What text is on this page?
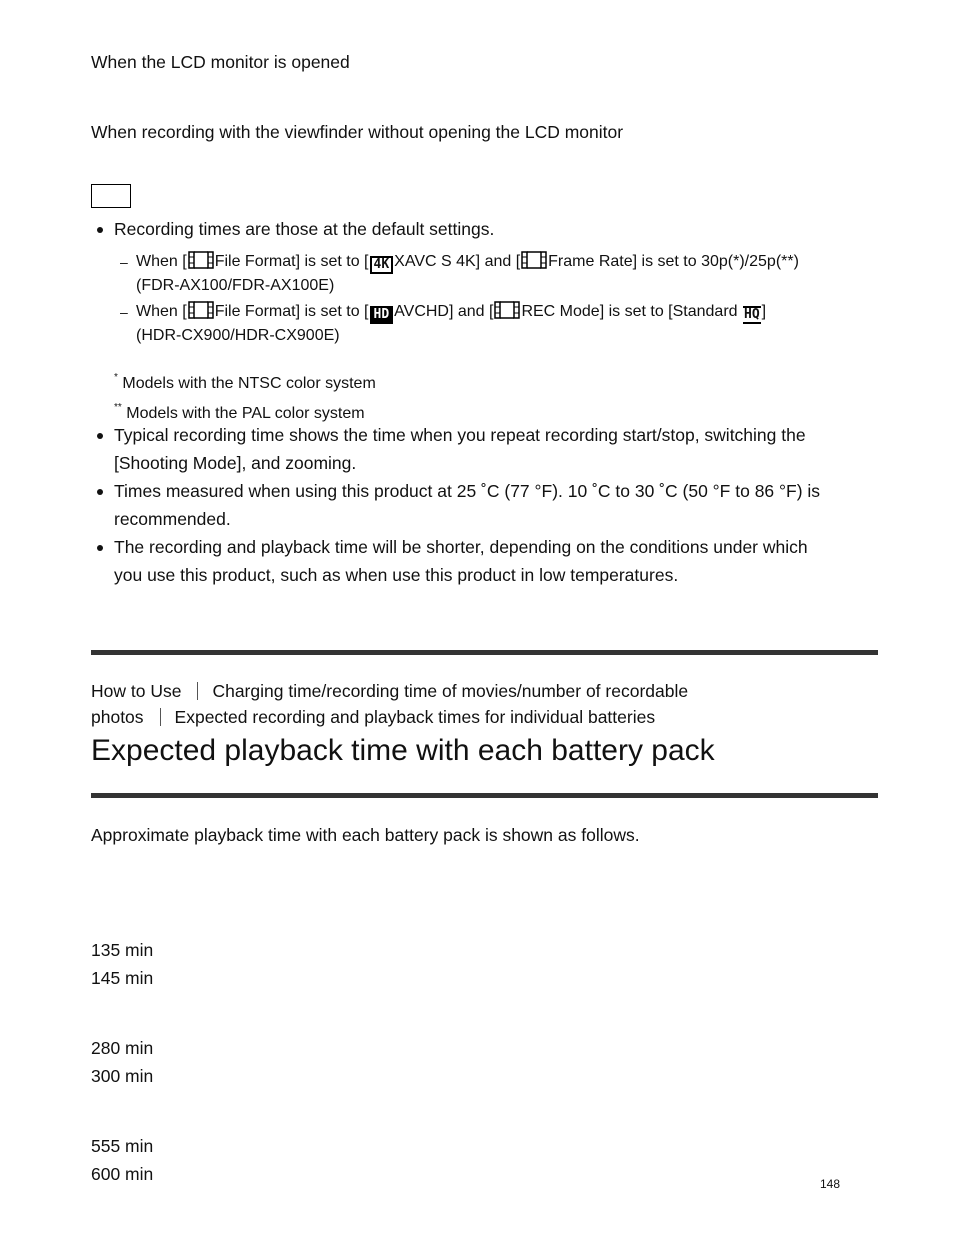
When the LCD monitor is opened
When recording with the viewfinder without opening the LCD monitor
Recording times are those at the default settings.
– When [ File Format] is set to [ 4K XAVC S 4K] and [ Frame Rate] is set to 30p(*)/25p(**)
(FDR-AX100/FDR-AX100E)
– When [ File Format] is set to [ HD AVCHD] and [ REC Mode] is set to [Standard HQ ]
(HDR-CX900/HDR-CX900E)
* Models with the NTSC color system
** Models with the PAL color system
Typical recording time shows the time when you repeat recording start/stop, switching the
[Shooting Mode], and zooming.
Times measured when using this product at 25 ˚C (77 °F). 10 ˚C to 30 ˚C (50 °F to 86 °F) is
recommended.
The recording and playback time will be shorter, depending on the conditions under which
you use this product, such as when use this product in low temperatures.
How to Use Charging time/recording time of movies/number of recordable
photos Expected recording and playback times for individual batteries
Expected playback time with each battery pack
Approximate playback time with each battery pack is shown as follows.
135 min
145 min
280 min
300 min
555 min
600 min	148
